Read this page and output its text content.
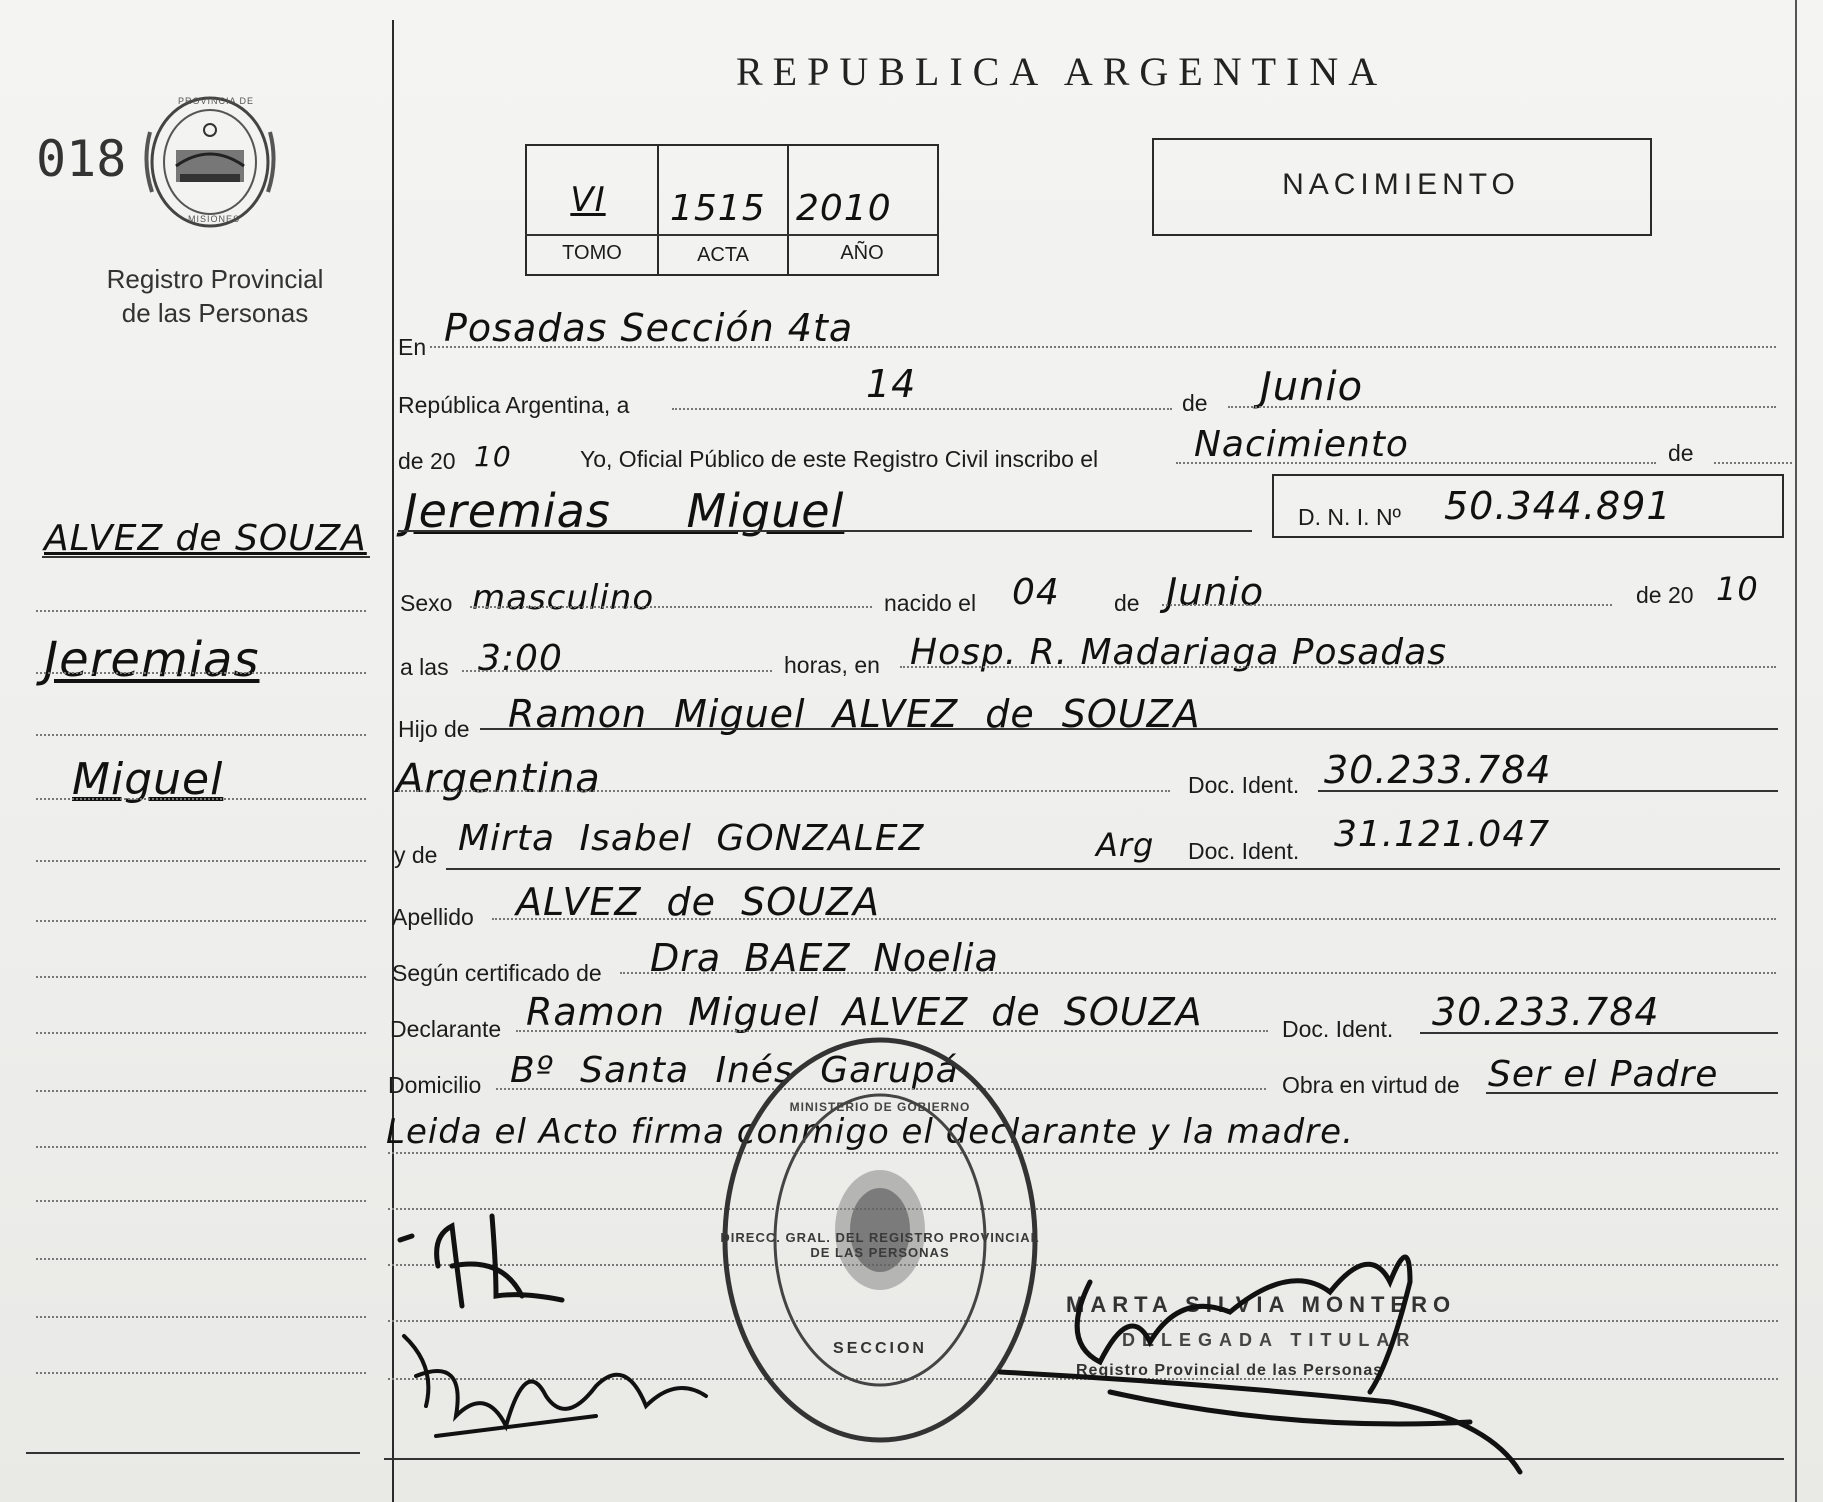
018
PROVINCIA DE
MISIONES
Registro Provincial
de las Personas
ALVEZ de SOUZA
Jeremias
Miguel
REPUBLICA ARGENTINA
VI	1515 2010
TOMO	ACTA	AÑO
NACIMIENTO
En Posadas Sección 4ta
República Argentina, a	14	de Junio
de 20 10	Yo, Oficial Público de este Registro Civil inscribo el	Nacimiento	de
Jeremias Miguel	D. N. I. Nº 50.344.891
Sexo masculino	nacido el 04 de Junio	de 20 10
a las 3:00	horas, en Hosp. R. Madariaga Posadas
Hijo de Ramon Miguel ALVEZ de SOUZA
Argentina	Doc. Ident. 30.233.784
y de Mirta Isabel GONZALEZ	Arg Doc. Ident. 31.121.047
Apellido ALVEZ de SOUZA
Según certificado de Dra BAEZ Noelia
Declarante Ramon Miguel ALVEZ de SOUZA	Doc. Ident. 30.233.784
Domicilio Bº Santa Inés Garupá	Obra en virtud de Ser el Padre
Leida el Acto firma conmigo el declarante y la madre.
DIRECC. GRAL. DEL REGISTRO PROVINCIAL DE LAS PERSONAS
MINISTERIO DE GOBIERNO
SECCION
MARTA SILVIA MONTERO
DELEGADA TITULAR
Registro Provincial de las Personas
